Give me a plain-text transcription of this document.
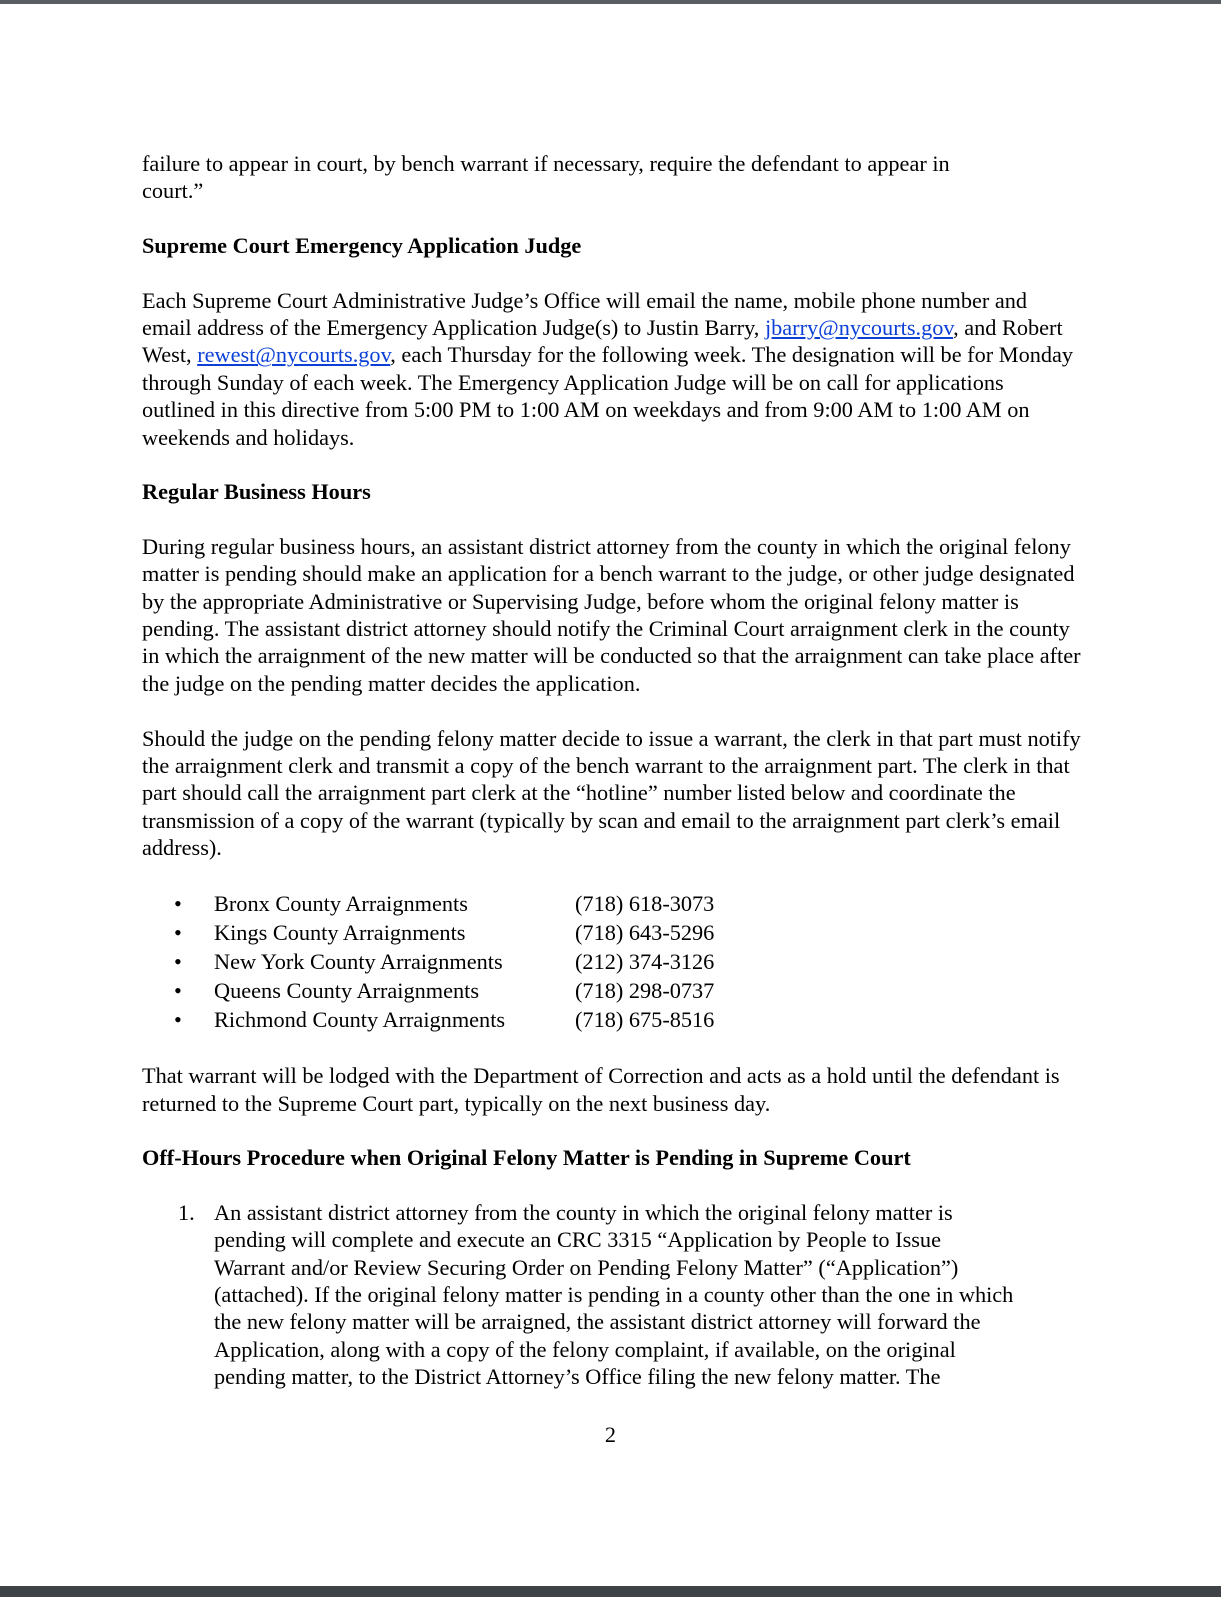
failure to appear in court, by bench warrant if necessary, require the defendant to appear in
court.”

Supreme Court Emergency Application Judge

Each Supreme Court Administrative Judge’s Office will email the name, mobile phone number and email address of the Emergency Application Judge(s) to Justin Barry, jbarry@nycourts.gov, and Robert West, rewest@nycourts.gov, each Thursday for the following week. The designation will be for Monday through Sunday of each week. The Emergency Application Judge will be on call for applications outlined in this directive from 5:00 PM to 1:00 AM on weekdays and from 9:00 AM to 1:00 AM on weekends and holidays.

Regular Business Hours

During regular business hours, an assistant district attorney from the county in which the original felony matter is pending should make an application for a bench warrant to the judge, or other judge designated by the appropriate Administrative or Supervising Judge, before whom the original felony matter is pending. The assistant district attorney should notify the Criminal Court arraignment clerk in the county in which the arraignment of the new matter will be conducted so that the arraignment can take place after the judge on the pending matter decides the application.

Should the judge on the pending felony matter decide to issue a warrant, the clerk in that part must notify the arraignment clerk and transmit a copy of the bench warrant to the arraignment part. The clerk in that part should call the arraignment part clerk at the “hotline” number listed below and coordinate the transmission of a copy of the warrant (typically by scan and email to the arraignment part clerk’s email address).

• Bronx County Arraignments	(718) 618-3073
• Kings County Arraignments	(718) 643-5296
• New York County Arraignments	(212) 374-3126
• Queens County Arraignments	(718) 298-0737
• Richmond County Arraignments	(718) 675-8516

That warrant will be lodged with the Department of Correction and acts as a hold until the defendant is returned to the Supreme Court part, typically on the next business day.

Off-Hours Procedure when Original Felony Matter is Pending in Supreme Court
1. An assistant district attorney from the county in which the original felony matter is
pending will complete and execute an CRC 3315 “Application by People to Issue
Warrant and/or Review Securing Order on Pending Felony Matter” (“Application”)
(attached). If the original felony matter is pending in a county other than the one in which
the new felony matter will be arraigned, the assistant district attorney will forward the
Application, along with a copy of the felony complaint, if available, on the original
pending matter, to the District Attorney’s Office filing the new felony matter. The
2
